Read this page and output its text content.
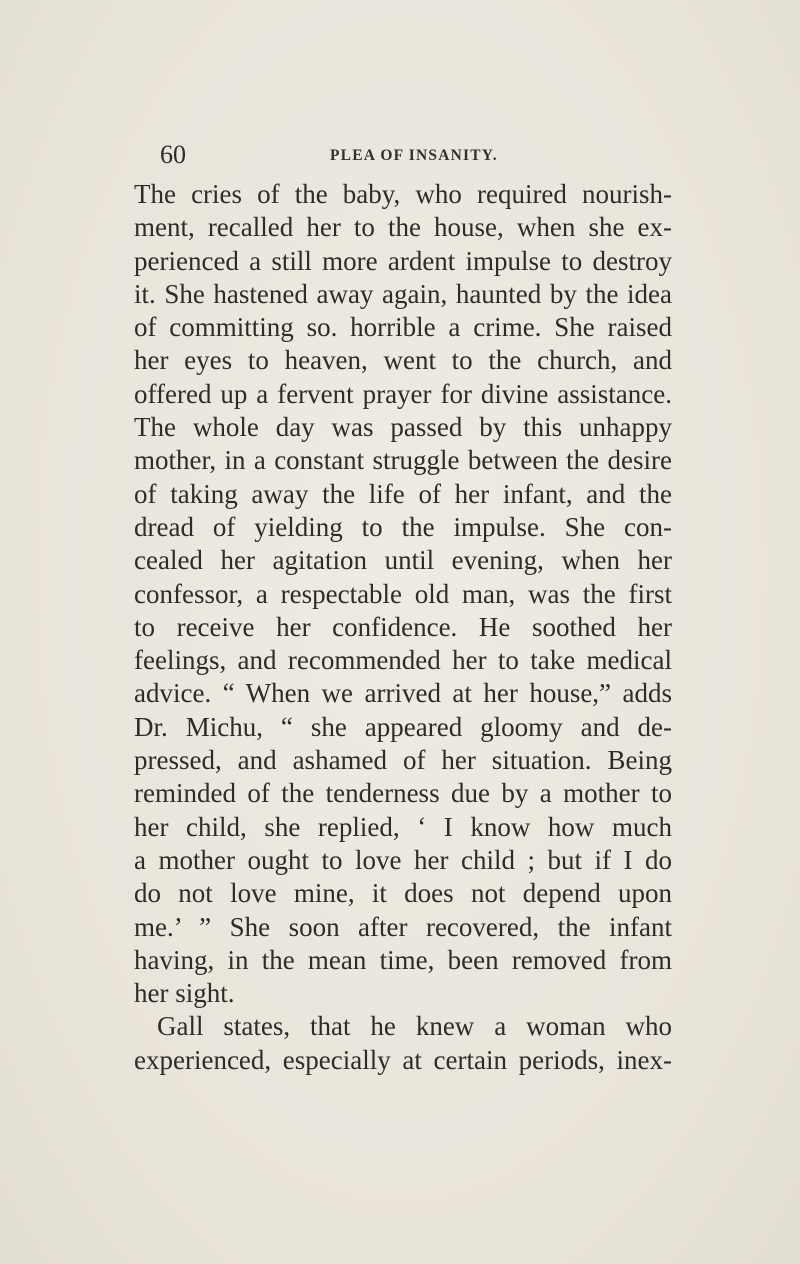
60	PLEA OF INSANITY.
The cries of the baby, who required nourish-
ment, recalled her to the house, when she ex-
perienced a still more ardent impulse to destroy
it. She hastened away again, haunted by the idea
of committing so. horrible a crime. She raised
her eyes to heaven, went to the church, and
offered up a fervent prayer for divine assistance.
The whole day was passed by this unhappy
mother, in a constant struggle between the desire
of taking away the life of her infant, and the
dread of yielding to the impulse. She con-
cealed her agitation until evening, when her
confessor, a respectable old man, was the first
to receive her confidence. He soothed her
feelings, and recommended her to take medical
advice. “ When we arrived at her house,” adds
Dr. Michu, “ she appeared gloomy and de-
pressed, and ashamed of her situation. Being
reminded of the tenderness due by a mother to
her child, she replied, ‘ I know how much
a mother ought to love her child ; but if I do
do not love mine, it does not depend upon
me.’ ” She soon after recovered, the infant
having, in the mean time, been removed from
her sight.
Gall states, that he knew a woman who
experienced, especially at certain periods, inex-
